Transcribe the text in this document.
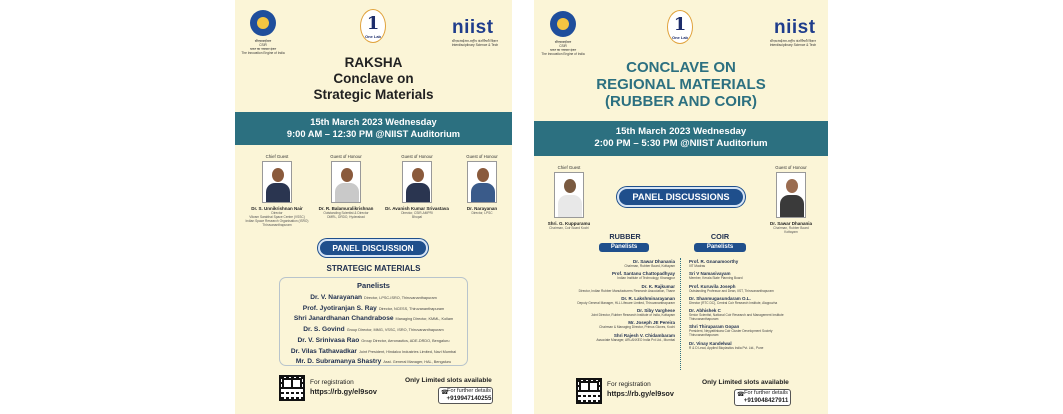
सीएसआईआर
CSIR
भारत का नवाचार इंजन
The Innovation Engine of India
1
One Lab	niist
सीएसआईआर-राष्ट्रीय अंतर्विषयी विज्ञान
Interdisciplinary Science & Tech
RAKSHA
Conclave on
Strategic Materials
15th March 2023 Wednesday
9:00 AM – 12:30 PM @NIIST Auditorium
Chief Guest
Dr. S. Unnikrishnan Nair
Director
Vikram Sarabhai Space Centre (VSSC)
Indian Space Research Organisation (ISRO)
Thiruvananthapuram
Guest of Honour
Dr. R. Balamuralikrishnan
Outstanding Scientist & Director
DMRL, DRDO, Hyderabad
Guest of Honour
Dr. Avanish Kumar Srivastava
Director, CSIR-AMPRI
Bhopal
Guest of Honour
Dr. Narayanan
Director, LPSC
PANEL DISCUSSION
STRATEGIC MATERIALS
Panelists
Dr. V. Narayanan Director, LPSC-ISRO, Thiruvananthapuram
Prof. Jyotiranjan S. Ray Director, NCESS, Thiruvananthapuram
Shri Janardhanan Chandrabose Managing Director, KMML, Kollam
Dr. S. Govind Group Director, MMG, VSSC, ISRO, Thiruvananthapuram
Dr. V. Srinivasa Rao Group Director, Aeronautics, ADE-DRDO, Bengaluru
Dr. Vilas Tathavadkar Joint President, Hindalco Industries Limited, Navi Mumbai
Mr. D. Subramanya Shastry Asst. General Manager, HAL, Bengaluru
For registration
https://rb.gy/el9sov
Only Limited slots available
☎
For further details
+919947140255
सीएसआईआर
CSIR
भारत का नवाचार इंजन
The Innovation Engine of India
1
One Lab	niist
सीएसआईआर-राष्ट्रीय अंतर्विषयी विज्ञान
Interdisciplinary Science & Tech
CONCLAVE ON
REGIONAL MATERIALS
(RUBBER AND COIR)
15th March 2023 Wednesday
2:00 PM – 5:30 PM @NIIST Auditorium
Chief Guest
Shri. G. Kuppuramu
Chairman, Coir Board Kochi
Guest of Honour
Dr. Sawar Dhanania
Chairman, Rubber Board
Kottayam
PANEL DISCUSSIONS
RUBBER
Panelists
COIR
Panelists
Dr. Sawar Dhanania
Chairman, Rubber Board, Kottayam
Prof. Santanu Chattopadhyay
Indian Institute of Technology, Kharagpur
Dr. K. Rajkumar
Director, Indian Rubber Manufacturers Research Association, Thane
Dr. R. Lakshminarayanan
Deputy General Manager, HLL Lifecare Limited, Thiruvananthapuram
Dr. Siby Varghese
Joint Director, Rubber Research Institute of India, Kottayam
Mr. Joseph JE Pereira
Chairman & Managing Director, Primus Gloves, Kochi
Shri Rajesh V. Chidambaram
Associate Manager, ARLANXEO India Pvt Ltd., Mumbai
Prof. R. Gnanamoorthy
IIIT Madras
Sri V Namasivayam
Member, Kerala State Planning Board
Prof. Kuruvila Joseph
Outstanding Professor and Dean, IIST, Thiruvananthapuram
Dr. Shanmugasundaram O.L.
Director (RTC DC), Central Coir Research Institute, Alappuzha
Dr. Abhishek C
Senior Scientist, National Coir Research and Management Institute
Thiruvananthapuram
Shri Thiruparam Gopan
President, Neyyattinkara Coir Cluster Development Society
Thiruvananthapuram
Dr. Vinay Kandelwal
R & D Lead, Applied Bioplastics India Pvt. Ltd., Pune
For registration
https://rb.gy/el9sov
Only Limited slots available
☎ For further details
+919048427911
